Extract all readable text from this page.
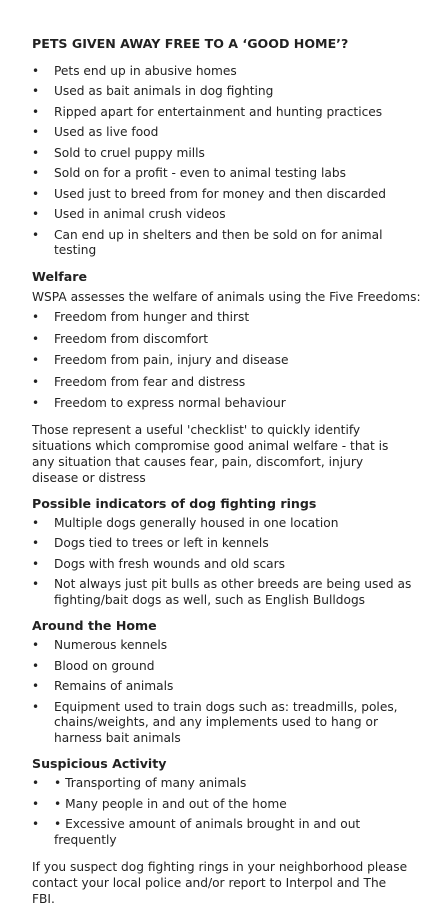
PETS GIVEN AWAY FREE TO A ‘GOOD HOME’?
• Pets end up in abusive homes
• Used as bait animals in dog fighting
• Ripped apart for entertainment and hunting practices
• Used as live food
• Sold to cruel puppy mills
• Sold on for a profit - even to animal testing labs
• Used just to breed from for money and then discarded
• Used in animal crush videos
• Can end up in shelters and then be sold on for animal testing
Welfare

WSPA assesses the welfare of animals using the Five Freedoms:

• Freedom from hunger and thirst
• Freedom from discomfort
• Freedom from pain, injury and disease
• Freedom from fear and distress
• Freedom to express normal behaviour

Those represent a useful 'checklist' to quickly identify situations which compromise good animal welfare - that is any situation that causes fear, pain, discomfort, injury disease or distress

Possible indicators of dog fighting rings
• Multiple dogs generally housed in one location
• Dogs tied to trees or left in kennels
• Dogs with fresh wounds and old scars
• Not always just pit bulls as other breeds are being used as fighting/bait dogs as well, such as English Bulldogs
Around the Home
• Numerous kennels
• Blood on ground
• Remains of animals
• Equipment used to train dogs such as: treadmills, poles, chains/weights, and any implements used to hang or harness bait animals
Suspicious Activity
• • Transporting of many animals
• • Many people in and out of the home
• • Excessive amount of animals brought in and out frequently

If you suspect dog fighting rings in your neighborhood please contact your local police and/or report to Interpol and The FBI.
